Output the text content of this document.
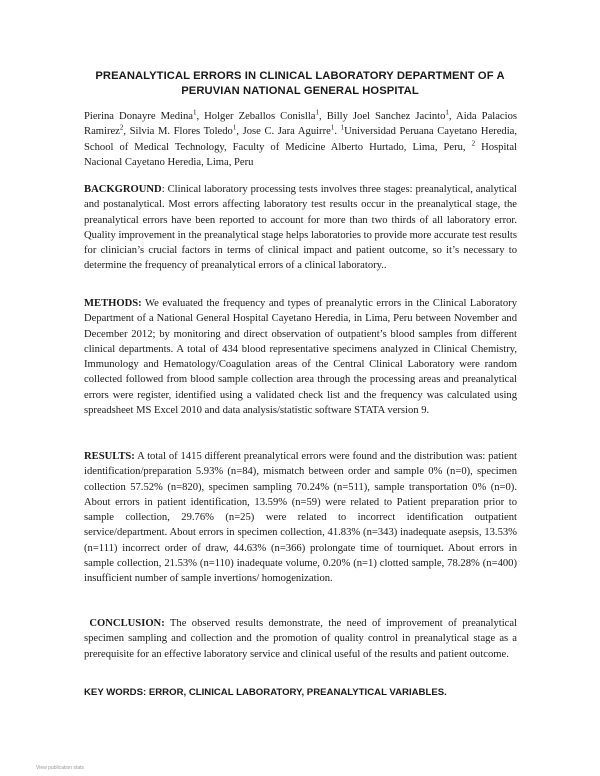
PREANALYTICAL ERRORS IN CLINICAL LABORATORY DEPARTMENT OF A
PERUVIAN NATIONAL GENERAL HOSPITAL
Pierina Donayre Medina$^1$, Holger Zeballos Conislla$^1$, Billy Joel Sanchez Jacinto$^1$, Aida Palacios Ramirez$^2$, Silvia M. Flores Toledo$^1$, Jose C. Jara Aguirre$^1$. $^1$Universidad Peruana Cayetano Heredia, School of Medical Technology, Faculty of Medicine Alberto Hurtado, Lima, Peru, $^2$ Hospital Nacional Cayetano Heredia, Lima, Peru
BACKGROUND: Clinical laboratory processing tests involves three stages: preanalytical, analytical and postanalytical. Most errors affecting laboratory test results occur in the preanalytical stage, the preanalytical errors have been reported to account for more than two thirds of all laboratory error. Quality improvement in the preanalytical stage helps laboratories to provide more accurate test results for clinician’s crucial factors in terms of clinical impact and patient outcome, so it’s necessary to determine the frequency of preanalytical errors of a clinical laboratory..
METHODS: We evaluated the frequency and types of preanalytic errors in the Clinical Laboratory Department of a National General Hospital Cayetano Heredia, in Lima, Peru between November and December 2012; by monitoring and direct observation of outpatient’s blood samples from different clinical departments. A total of 434 blood representative specimens analyzed in Clinical Chemistry, Immunology and Hematology/Coagulation areas of the Central Clinical Laboratory were random collected followed from blood sample collection area through the processing areas and preanalytical errors were register, identified using a validated check list and the frequency was calculated using spreadsheet MS Excel 2010 and data analysis/statistic software STATA version 9.
RESULTS: A total of 1415 different preanalytical errors were found and the distribution was: patient identification/preparation 5.93% (n=84), mismatch between order and sample 0% (n=0), specimen collection 57.52% (n=820), specimen sampling 70.24% (n=511), sample transportation 0% (n=0). About errors in patient identification, 13.59% (n=59) were related to Patient preparation prior to sample collection, 29.76% (n=25) were related to incorrect identification outpatient service/department. About errors in specimen collection, 41.83% (n=343) inadequate asepsis, 13.53% (n=111) incorrect order of draw, 44.63% (n=366) prolongate time of tourniquet. About errors in sample collection, 21.53% (n=110) inadequate volume, 0.20% (n=1) clotted sample, 78.28% (n=400) insufficient number of sample invertions/ homogenization.
CONCLUSION: The observed results demonstrate, the need of improvement of preanalytical specimen sampling and collection and the promotion of quality control in preanalytical stage as a prerequisite for an effective laboratory service and clinical useful of the results and patient outcome.
KEY WORDS: ERROR, CLINICAL LABORATORY, PREANALYTICAL VARIABLES.
View publication stats
